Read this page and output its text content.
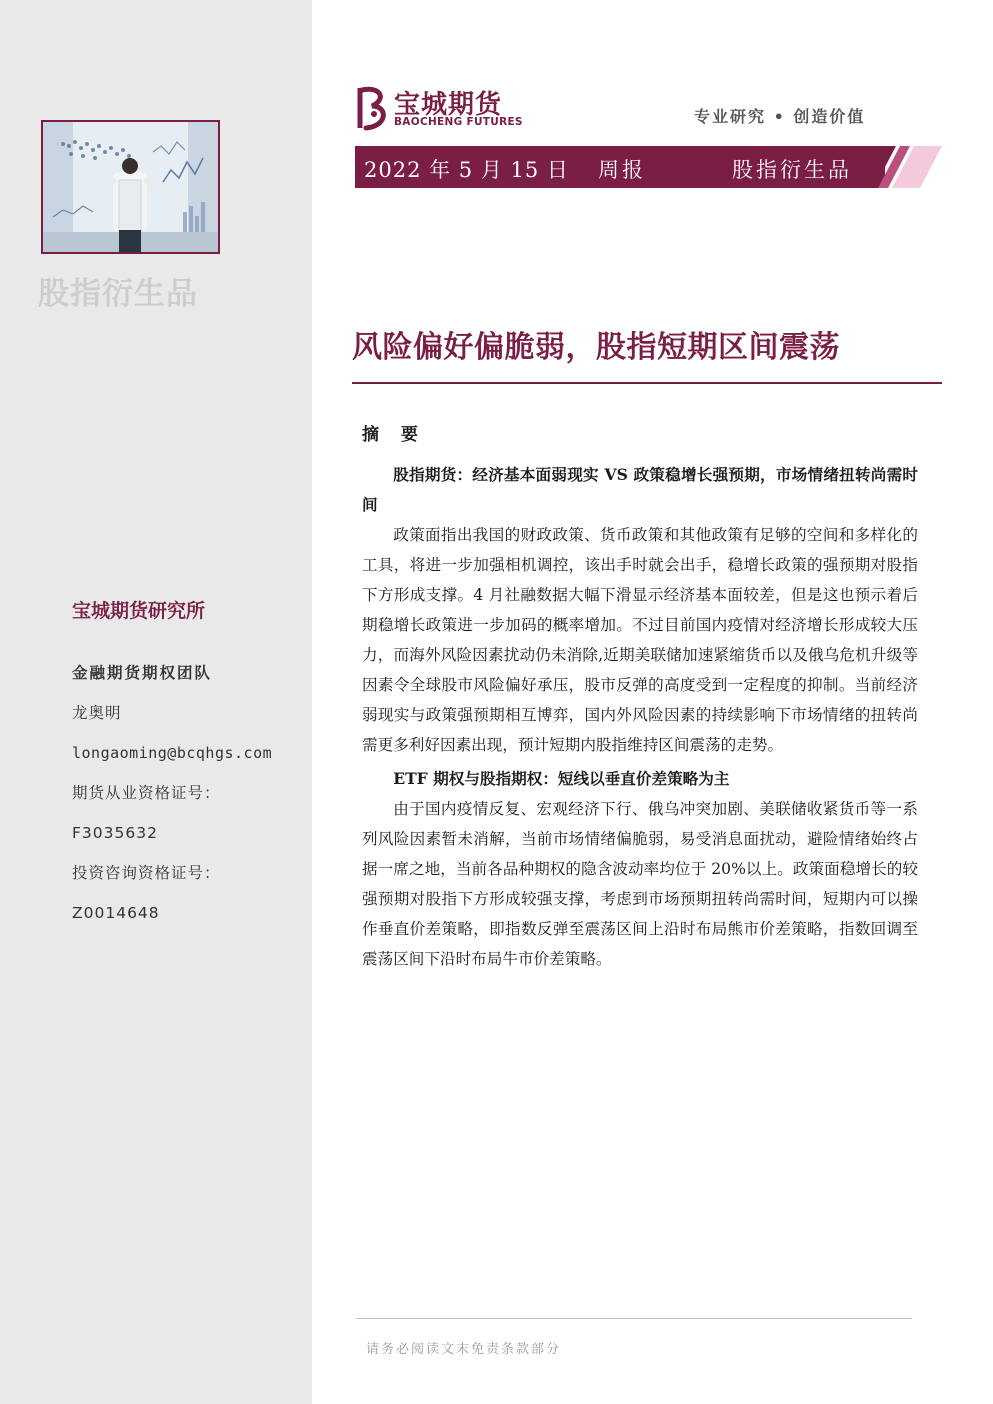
股指衍生品
宝城期货研究所
金融期货期权团队
龙奥明
longaoming@bcqhgs.com
期货从业资格证号：
F3035632
投资咨询资格证号：
Z0014648
宝城期货
BAOCHENG FUTURES	专业研究 • 创造价值
2022 年 5 月 15 日 周报	股指衍生品
风险偏好偏脆弱，股指短期区间震荡
摘 要

股指期货：经济基本面弱现实 VS 政策稳增长强预期，市场情绪扭转尚需时间

政策面指出我国的财政政策、货币政策和其他政策有足够的空间和多样化的工具，将进一步加强相机调控，该出手时就会出手，稳增长政策的强预期对股指下方形成支撑。4 月社融数据大幅下滑显示经济基本面较差，但是这也预示着后期稳增长政策进一步加码的概率增加。不过目前国内疫情对经济增长形成较大压力，而海外风险因素扰动仍未消除,近期美联储加速紧缩货币以及俄乌危机升级等因素令全球股市风险偏好承压，股市反弹的高度受到一定程度的抑制。当前经济弱现实与政策强预期相互博弈，国内外风险因素的持续影响下市场情绪的扭转尚需更多利好因素出现，预计短期内股指维持区间震荡的走势。

ETF 期权与股指期权：短线以垂直价差策略为主

由于国内疫情反复、宏观经济下行、俄乌冲突加剧、美联储收紧货币等一系列风险因素暂未消解，当前市场情绪偏脆弱，易受消息面扰动，避险情绪始终占据一席之地，当前各品种期权的隐含波动率均位于 20%以上。政策面稳增长的较强预期对股指下方形成较强支撑，考虑到市场预期扭转尚需时间，短期内可以操作垂直价差策略，即指数反弹至震荡区间上沿时布局熊市价差策略，指数回调至震荡区间下沿时布局牛市价差策略。

请务必阅读文末免责条款部分
